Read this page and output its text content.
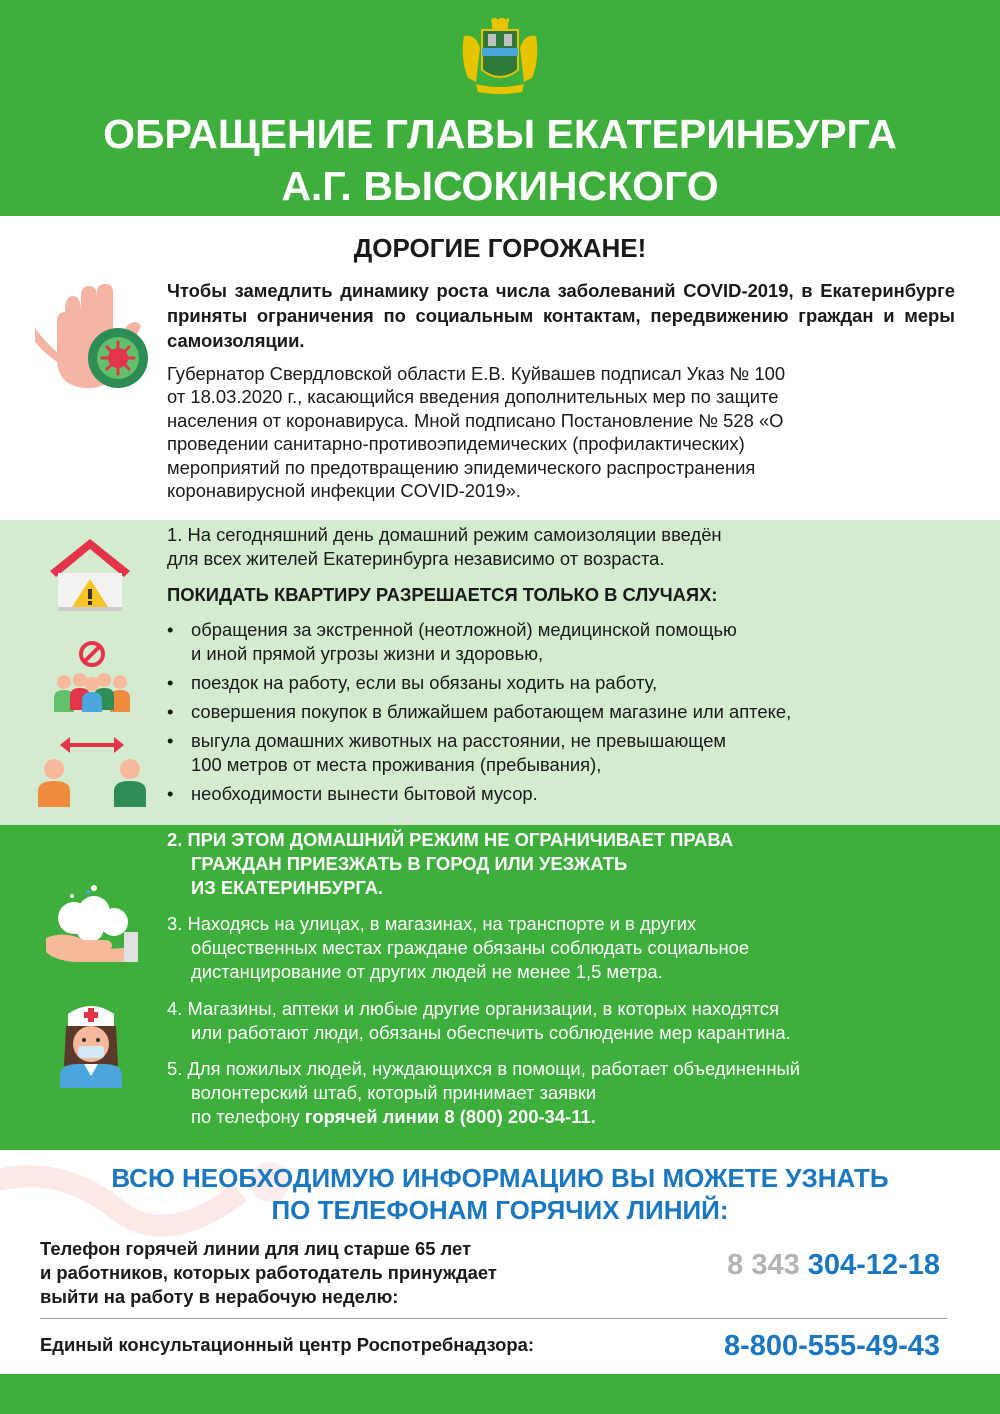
ОБРАЩЕНИЕ ГЛАВЫ ЕКАТЕРИНБУРГА
А.Г. ВЫСОКИНСКОГО
ДОРОГИЕ ГОРОЖАНЕ!

Чтобы замедлить динамику роста числа заболеваний COVID-2019, в Екатеринбурге приняты ограничения по социальным контактам, передвижению граждан и меры самоизоляции.

Губернатор Свердловской области Е.В. Куйвашев подписал Указ № 100
от 18.03.2020 г., касающийся введения дополнительных мер по защите
населения от коронавируса. Мной подписано Постановление № 528 «О
проведении санитарно-противоэпидемических (профилактических)
мероприятий по предотвращению эпидемического распространения
коронавирусной инфекции COVID-2019».

1. На сегодняшний день домашний режим самоизоляции введён
для всех жителей Екатеринбурга независимо от возраста.

ПОКИДАТЬ КВАРТИРУ РАЗРЕШАЕТСЯ ТОЛЬКО В СЛУЧАЯХ:
• обращения за экстренной (неотложной) медицинской помощью
и иной прямой угрозы жизни и здоровью,
• поездок на работу, если вы обязаны ходить на работу,
• совершения покупок в ближайшем работающем магазине или аптеке,
• выгула домашних животных на расстоянии, не превышающем
100 метров от места проживания (пребывания),
• необходимости вынести бытовой мусор.

2. ПРИ ЭТОМ ДОМАШНИЙ РЕЖИМ НЕ ОГРАНИЧИВАЕТ ПРАВА
ГРАЖДАН ПРИЕЗЖАТЬ В ГОРОД ИЛИ УЕЗЖАТЬ
ИЗ ЕКАТЕРИНБУРГА.

3. Находясь на улицах, в магазинах, на транспорте и в других
общественных местах граждане обязаны соблюдать социальное
дистанцирование от других людей не менее 1,5 метра.

4. Магазины, аптеки и любые другие организации, в которых находятся
или работают люди, обязаны обеспечить соблюдение мер карантина.

5. Для пожилых людей, нуждающихся в помощи, работает объединенный
волонтерский штаб, который принимает заявки
по телефону горячей линии 8 (800) 200-34-11.

ВСЮ НЕОБХОДИМУЮ ИНФОРМАЦИЮ ВЫ МОЖЕТЕ УЗНАТЬ
ПО ТЕЛЕФОНАМ ГОРЯЧИХ ЛИНИЙ:

Телефон горячей линии для лиц старше 65 лет
и работников, которых работодатель принуждает
выйти на работу в нерабочую неделю:

8 343 304-12-18

Единый консультационный центр Роспотребнадзора:	8-800-555-49-43
